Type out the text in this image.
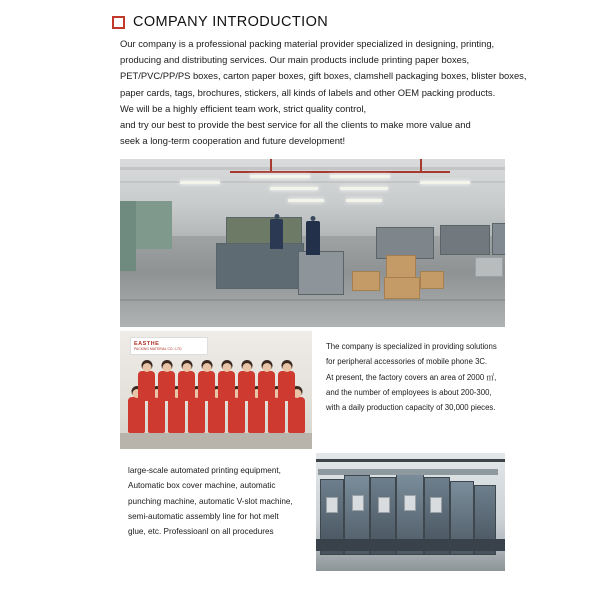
COMPANY INTRODUCTION

Our company is a professional packing material provider specialized in designing, printing,

producing and distributing services. Our main products include printing paper boxes,

PET/PVC/PP/PS boxes, carton paper boxes, gift boxes, clamshell packaging boxes, blister boxes,

paper cards, tags, brochures, stickers, all kinds of labels and other OEM packing products.

We will be a highly efficient team work, strict quality control,

and try our best to provide the best service for all the clients to make more value and

seek a long-term cooperation and future development!

EASTHE
PACKING MATERIAL CO., LTD	The company is specialized in providing solutions

for peripheral accessories of mobile phone 3C.

At present, the factory covers an area of 2000 ㎡,

and the number of employees is about 200-300,

with a daily production capacity of 30,000 pieces.

large-scale automated printing equipment,

Automatic box cover machine, automatic

punching machine, automatic V-slot machine,

semi-automatic assembly line for hot melt

glue, etc. Professioanl on all procedures
